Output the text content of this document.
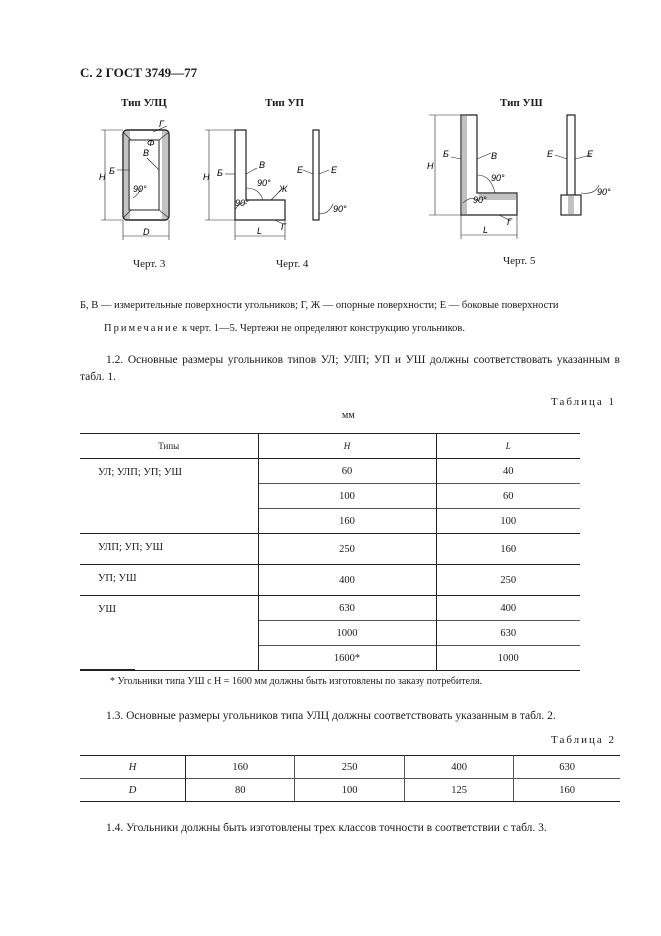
С. 2 ГОСТ 3749—77
Тип УЛЦ	Тип УП	Тип УШ
Г
Φ
Б
В
Н
90°
D
Б
В
Н
90°
90°
Ж
Г
L
Е	Е
90°
Б	В
Н
90°
90°
Г
L
Е	Е
90°
Черт. 3	Черт. 4	Черт. 5
Б, В — измерительные поверхности угольников; Г, Ж — опорные поверхности; Е — боковые поверхности
Примечание к черт. 1—5. Чертежи не определяют конструкцию угольников.
1.2. Основные размеры угольников типов УЛ; УЛП; УП и УШ должны соответствовать указанным в табл. 1.
Таблица 1
мм
Типы	H	L
УЛ; УЛП; УП; УШ	60	40
	100	60
	160	100
УЛП; УП; УШ	250	160
УП; УШ	400	250
УШ	630	400
	1000	630
	1600*	1000
* Угольники типа УШ с Н = 1600 мм должны быть изготовлены по заказу потребителя.
1.3. Основные размеры угольников типа УЛЦ должны соответствовать указанным в табл. 2.
Таблица 2
H	160	250	400	630
D	80	100	125	160
1.4. Угольники должны быть изготовлены трех классов точности в соответствии с табл. 3.
